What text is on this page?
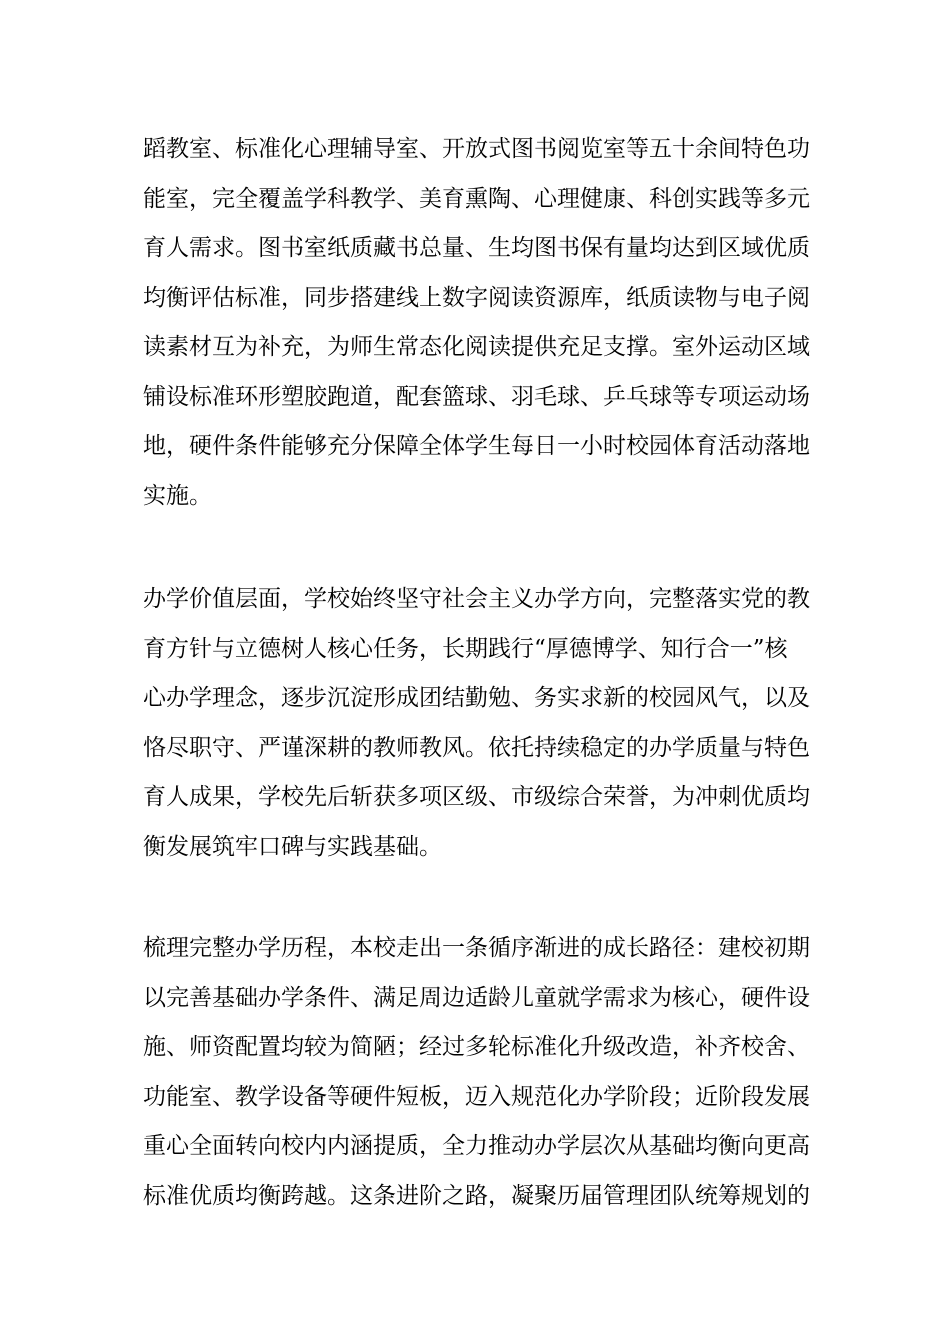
蹈教室、标准化心理辅导室、开放式图书阅览室等五十余间特色功
能室，完全覆盖学科教学、美育熏陶、心理健康、科创实践等多元
育人需求。图书室纸质藏书总量、生均图书保有量均达到区域优质
均衡评估标准，同步搭建线上数字阅读资源库，纸质读物与电子阅
读素材互为补充，为师生常态化阅读提供充足支撑。室外运动区域
铺设标准环形塑胶跑道，配套篮球、羽毛球、乒乓球等专项运动场
地，硬件条件能够充分保障全体学生每日一小时校园体育活动落地
实施。

办学价值层面，学校始终坚守社会主义办学方向，完整落实党的教
育方针与立德树人核心任务，长期践行“厚德博学、知行合一”核
心办学理念，逐步沉淀形成团结勤勉、务实求新的校园风气，以及
恪尽职守、严谨深耕的教师教风。依托持续稳定的办学质量与特色
育人成果，学校先后斩获多项区级、市级综合荣誉，为冲刺优质均
衡发展筑牢口碑与实践基础。

梳理完整办学历程，本校走出一条循序渐进的成长路径：建校初期
以完善基础办学条件、满足周边适龄儿童就学需求为核心，硬件设
施、师资配置均较为简陋；经过多轮标准化升级改造，补齐校舍、
功能室、教学设备等硬件短板，迈入规范化办学阶段；近阶段发展
重心全面转向校内内涵提质，全力推动办学层次从基础均衡向更高
标准优质均衡跨越。这条进阶之路，凝聚历届管理团队统筹规划的
